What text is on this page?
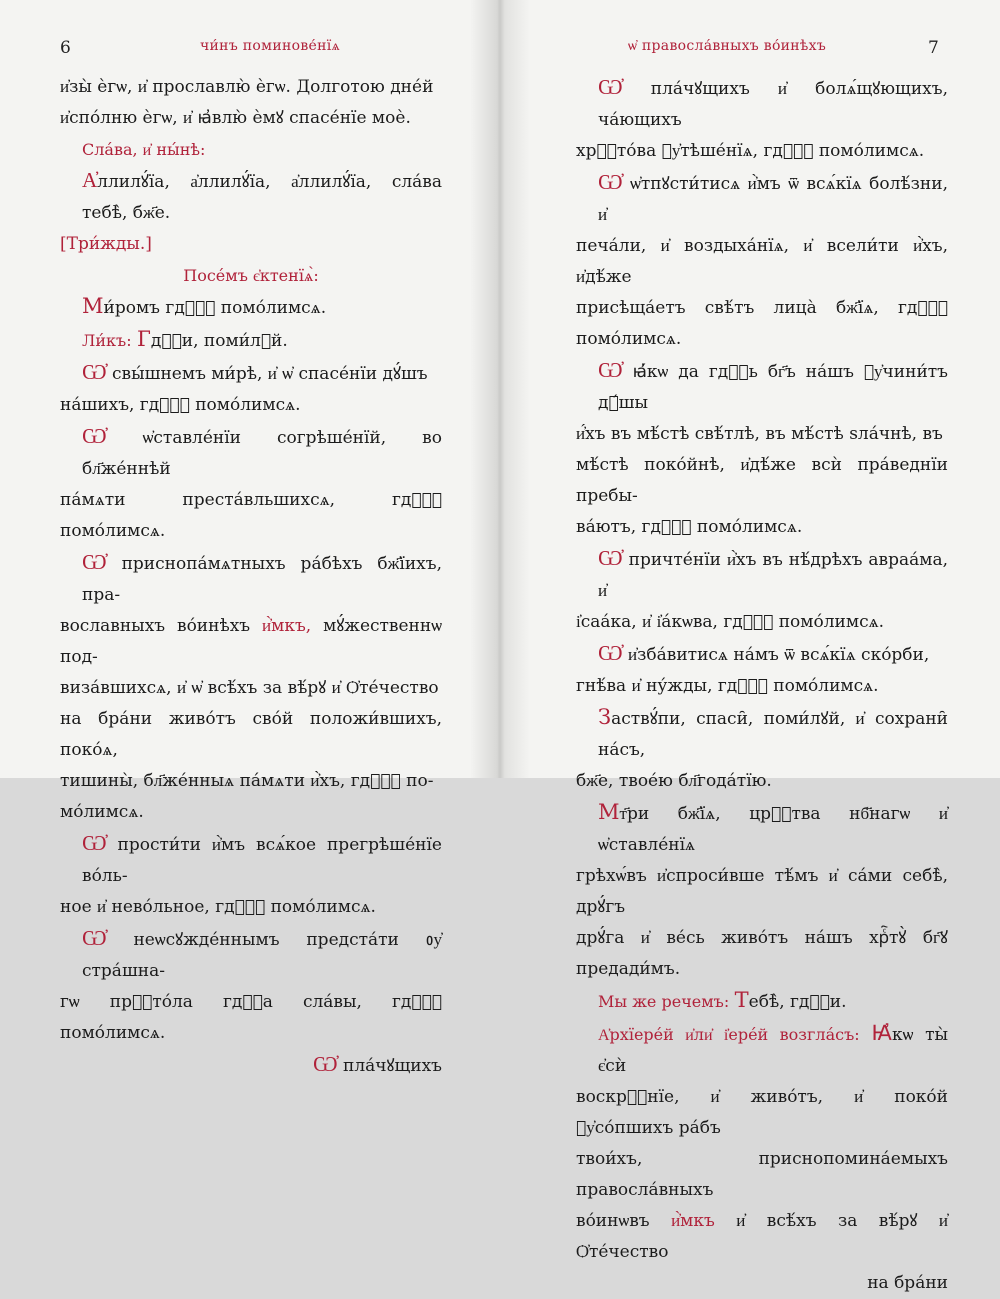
6	чи́нъ поминове́нїѧ
и҆зы̀ ѐгѡ, и҆ прославлю̀ ѐгѡ. Долготою дне́й
и҆спо́лню ѐгѡ, и҆ ꙗ҆влю̀ ѐмꙋ спасе́нїе моѐ.
Сла́ва, и҆ ны́нѣ:
А҆ллилꙋ́їа, а҆ллилꙋ́їа, а҆ллилꙋ́їа, сла́ва тебѣ̀, бж҃е.
[Три́жды.]
Посе́мъ є҆ктенїѧ̀:
Ми́ромъ гдⷭ҇ꙋ помо́лимсѧ.
Ли́къ: Гдⷭ҇и, поми́лꙋй.
Ѡ҆ свы́шнемъ ми́рѣ, и҆ ѡ҆ спасе́нїи дꙋ́шъ
на́шихъ, гдⷭ҇ꙋ помо́лимсѧ.
Ѡ҆ ѡ҆ставле́нїи согрѣше́нїй, во бл҃же́ннѣй
па́мѧти преста́вльшихсѧ, гдⷭ҇ꙋ помо́лимсѧ.
Ѡ҆ приснопа́мѧтныхъ ра́бѣхъ бж҃їихъ, пра-
вославныхъ во́инѣхъ и҆̀мкъ, мꙋ́жественнѡ под-
виза́вшихсѧ, и҆ ѡ҆ всѣ́хъ за вѣ́рꙋ и҆ Ѻ҆те́чество
на бра́ни живо́тъ сво́й положи́вшихъ, поко́ѧ,
тишины̀, бл҃же́нныѧ па́мѧти и҆̀хъ, гдⷭ҇ꙋ по-
мо́лимсѧ.
Ѡ҆ прости́ти и҆̀мъ всѧ́кое прегрѣше́нїе во́ль-
ное и҆ нево́льное, гдⷭ҇ꙋ помо́лимсѧ.
Ѡ҆ неѡсꙋжде́ннымъ предста́ти ᲂу҆ стра́шна-
гѡ прⷭ҇то́ла гдⷭ҇а сла́вы, гдⷭ҇ꙋ помо́лимсѧ.
Ѡ҆ пла́чꙋщихъ
ѡ҆ правосла́вныхъ во́инѣхъ	7
Ѡ҆ пла́чꙋщихъ и҆ болѧ́щꙋющихъ, ча́ющихъ
хрⷭ҇то́ва ᲂу҆тѣше́нїѧ, гдⷭ҇ꙋ помо́лимсѧ.
Ѡ҆ ѡ҆тпꙋсти́тисѧ и҆̀мъ ѿ всѧ́кїѧ болѣ́зни, и҆
печа́ли, и҆ воздыха́нїѧ, и҆ всели́ти и҆̀хъ, и҆дѣ́же
присѣща́етъ свѣ́тъ лица̀ бж҃їѧ, гдⷭ҇ꙋ помо́лимсѧ.
Ѡ҆ ꙗ҆́кѡ да гдⷭ҇ь бг҃ъ на́шъ ᲂу҆чини́тъ дꙋ́шы
и҆́хъ въ мѣ́стѣ свѣ́тлѣ, въ мѣ́стѣ ѕла́чнѣ, въ
мѣ́стѣ поко́йнѣ, и҆дѣ́же всѝ пра́веднїи пребы-
ва́ютъ, гдⷭ҇ꙋ помо́лимсѧ.
Ѡ҆ причте́нїи и҆̀хъ въ нѣ́дрѣхъ авраа́ма, и҆
і҆саа́ка, и҆ і҆а́кѡва, гдⷭ҇ꙋ помо́лимсѧ.
Ѡ҆ и҆зба́витисѧ на́мъ ѿ всѧ́кїѧ ско́рби,
гнѣ́ва и҆ ну́жды, гдⷭ҇ꙋ помо́лимсѧ.
Заствꙋ́пи, спаси̑, поми́лꙋй, и҆ сохрани̑ на́съ,
бж҃е, твое́ю бл҃года́тїю.
Мт҃ри бж҃їѧ, црⷭ҇тва нб҃нагѡ и҆ ѡ҆ставле́нїѧ
грѣхѡ́въ и҆спроси́вше тѣ́мъ и҆ са́ми себѣ̀, дрꙋ́гъ
дрꙋ́га и҆ ве́сь живо́тъ на́шъ хрⷭ҇тꙋ̀ бг҃ꙋ предади́мъ.
Мы же речемъ: Тебѣ̀, гдⷭ҇и.
А҆рхїере́й и҆ли҆ і҆ере́й возгла́съ: Ꙗ҆кѡ ты̀ є҆сѝ
воскрⷭ҇нїе, и҆ живо́тъ, и҆ поко́й ᲂу҆со́пшихъ ра́бъ
твои́хъ, приснопомина́емыхъ правосла́вныхъ
во́инѡвъ и҆̀мкъ и҆ всѣ́хъ за вѣ́рꙋ и҆ Ѻ҆те́чество
на бра́ни
